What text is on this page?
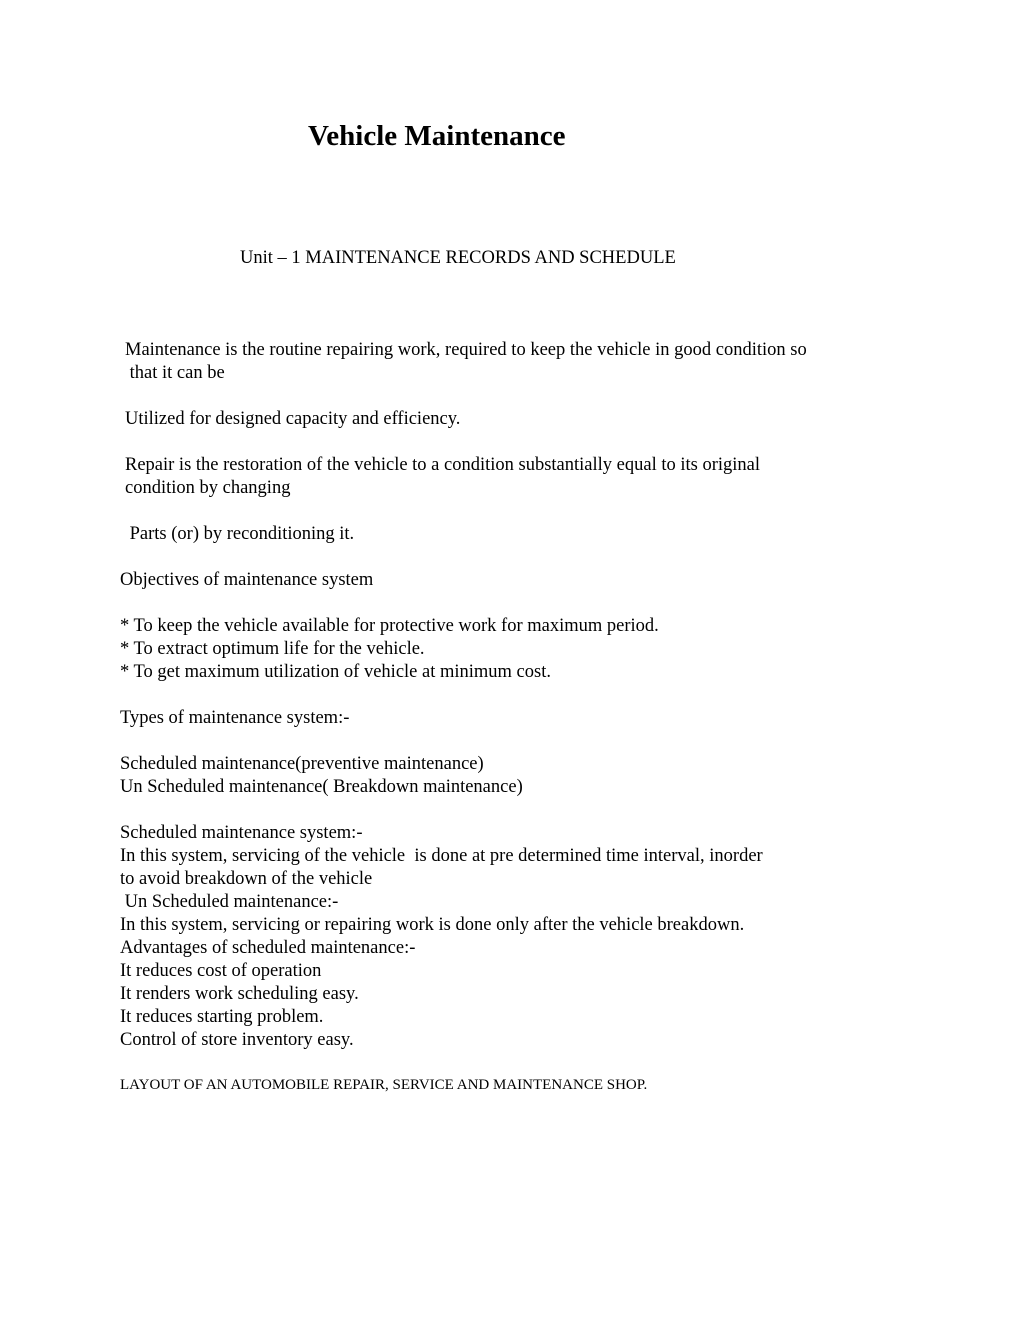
Vehicle Maintenance
Unit – 1 MAINTENANCE RECORDS AND SCHEDULE
Maintenance is the routine repairing work, required to keep the vehicle in good condition so
that it can be
Utilized for designed capacity and efficiency.
Repair is the restoration of the vehicle to a condition substantially equal to its original
condition by changing
Parts (or) by reconditioning it.
Objectives of maintenance system
* To keep the vehicle available for protective work for maximum period.
* To extract optimum life for the vehicle.
* To get maximum utilization of vehicle at minimum cost.
Types of maintenance system:-
Scheduled maintenance(preventive maintenance)
Un Scheduled maintenance( Breakdown maintenance)
Scheduled maintenance system:-
In this system, servicing of the vehicle  is done at pre determined time interval, inorder
to avoid breakdown of the vehicle
Un Scheduled maintenance:-
In this system, servicing or repairing work is done only after the vehicle breakdown.
Advantages of scheduled maintenance:-
It reduces cost of operation
It renders work scheduling easy.
It reduces starting problem.
Control of store inventory easy.
LAYOUT OF AN AUTOMOBILE REPAIR, SERVICE AND MAINTENANCE SHOP.
